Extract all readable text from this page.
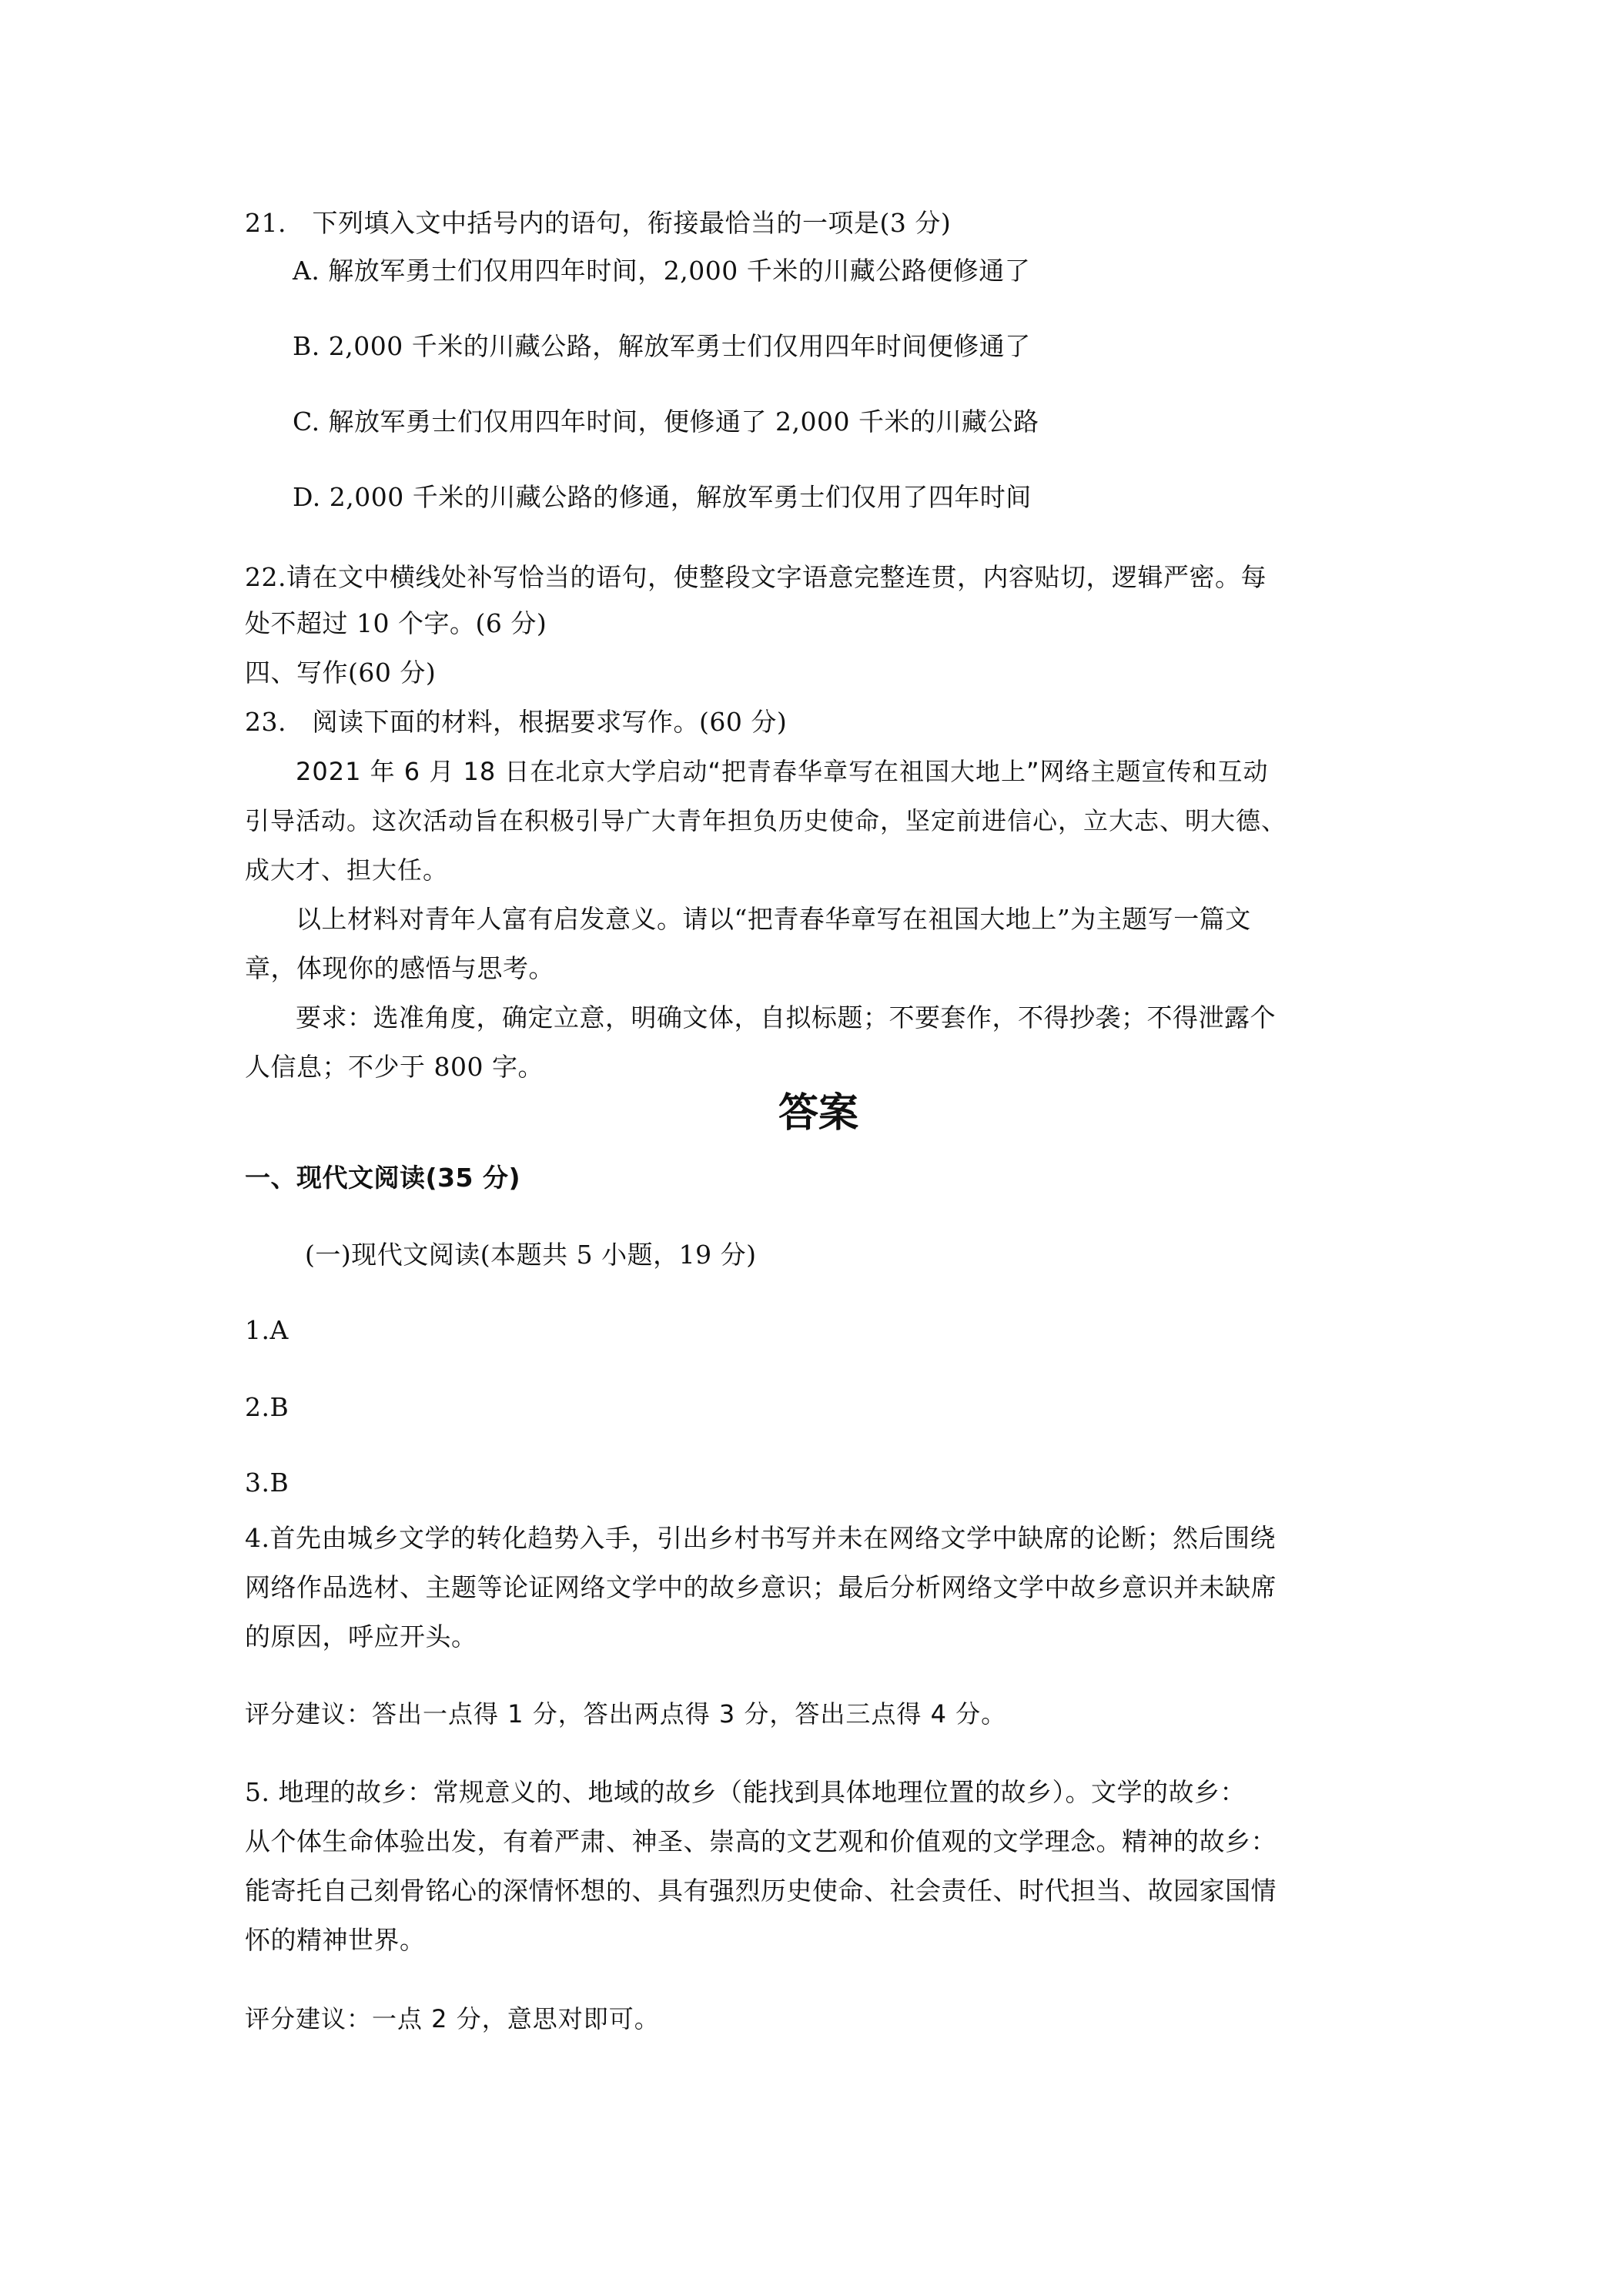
21.　下列填入文中括号内的语句，衔接最恰当的一项是(3 分)
A. 解放军勇士们仅用四年时间，2,000 千米的川藏公路便修通了
B. 2,000 千米的川藏公路，解放军勇士们仅用四年时间便修通了
C. 解放军勇士们仅用四年时间，便修通了 2,000 千米的川藏公路
D. 2,000 千米的川藏公路的修通，解放军勇士们仅用了四年时间
22.请在文中横线处补写恰当的语句，使整段文字语意完整连贯，内容贴切，逻辑严密。每
处不超过 10 个字。(6 分)
四、写作(60 分)
23.　阅读下面的材料，根据要求写作。(60 分)
2021 年 6 月 18 日在北京大学启动“把青春华章写在祖国大地上”网络主题宣传和互动
引导活动。这次活动旨在积极引导广大青年担负历史使命，坚定前进信心，立大志、明大德、
成大才、担大任。
以上材料对青年人富有启发意义。请以“把青春华章写在祖国大地上”为主题写一篇文
章，体现你的感悟与思考。
要求：选准角度，确定立意，明确文体，自拟标题；不要套作，不得抄袭；不得泄露个
人信息；不少于 800 字。
答案
一、现代文阅读(35 分)
(一)现代文阅读(本题共 5 小题，19 分)
1.A
2.B
3.B
4.首先由城乡文学的转化趋势入手，引出乡村书写并未在网络文学中缺席的论断；然后围绕
网络作品选材、主题等论证网络文学中的故乡意识；最后分析网络文学中故乡意识并未缺席
的原因，呼应开头。
评分建议：答出一点得 1 分，答出两点得 3 分，答出三点得 4 分。
5. 地理的故乡：常规意义的、地域的故乡（能找到具体地理位置的故乡）。文学的故乡：
从个体生命体验出发，有着严肃、神圣、崇高的文艺观和价值观的文学理念。精神的故乡：
能寄托自己刻骨铭心的深情怀想的、具有强烈历史使命、社会责任、时代担当、故园家国情
怀的精神世界。
评分建议：一点 2 分，意思对即可。
